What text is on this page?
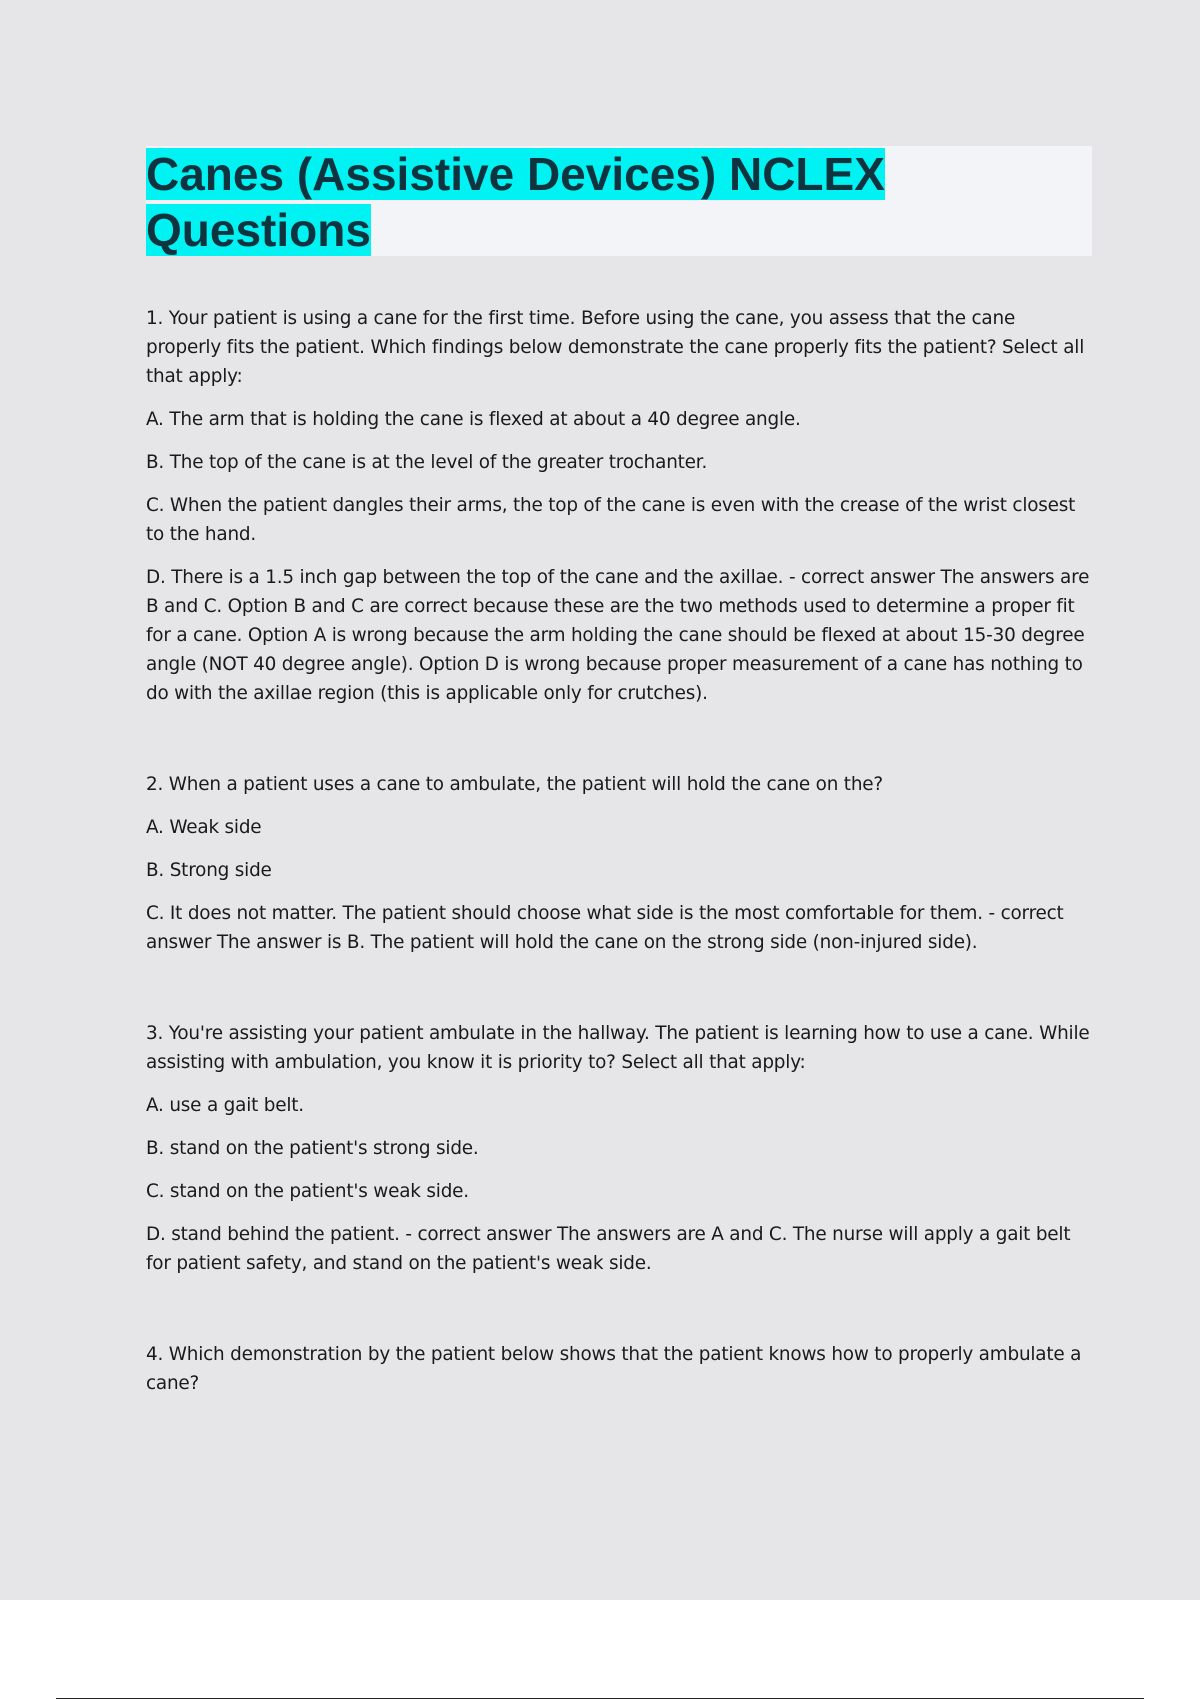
Canes (Assistive Devices) NCLEX
Questions

1. Your patient is using a cane for the first time. Before using the cane, you assess that the cane properly fits the patient. Which findings below demonstrate the cane properly fits the patient? Select all that apply:

A. The arm that is holding the cane is flexed at about a 40 degree angle.

B. The top of the cane is at the level of the greater trochanter.

C. When the patient dangles their arms, the top of the cane is even with the crease of the wrist closest to the hand.

D. There is a 1.5 inch gap between the top of the cane and the axillae. - correct answer The answers are B and C. Option B and C are correct because these are the two methods used to determine a proper fit for a cane. Option A is wrong because the arm holding the cane should be flexed at about 15-30 degree angle (NOT 40 degree angle). Option D is wrong because proper measurement of a cane has nothing to do with the axillae region (this is applicable only for crutches).

2. When a patient uses a cane to ambulate, the patient will hold the cane on the?

A. Weak side

B. Strong side

C. It does not matter. The patient should choose what side is the most comfortable for them. - correct answer The answer is B. The patient will hold the cane on the strong side (non-injured side).

3. You're assisting your patient ambulate in the hallway. The patient is learning how to use a cane. While assisting with ambulation, you know it is priority to? Select all that apply:

A. use a gait belt.

B. stand on the patient's strong side.

C. stand on the patient's weak side.

D. stand behind the patient. - correct answer The answers are A and C. The nurse will apply a gait belt for patient safety, and stand on the patient's weak side.

4. Which demonstration by the patient below shows that the patient knows how to properly ambulate a cane?
